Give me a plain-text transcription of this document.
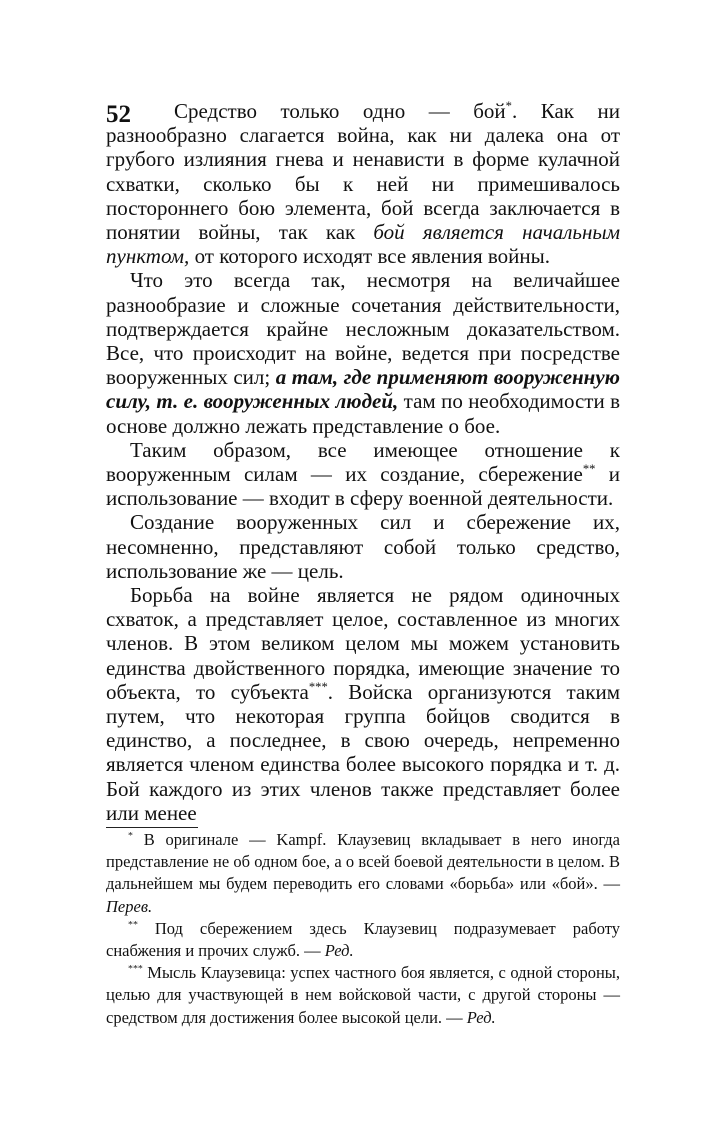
52	Средство только одно — бой*. Как ни разнообразно слагается война, как ни далека она от грубого излияния гнева и ненависти в форме кулачной схватки, сколько бы к ней ни примешивалось постороннего бою элемента, бой всегда заключается в понятии войны, так как бой является начальным пунктом, от которого исходят все явления войны.

Что это всегда так, несмотря на величайшее разнообразие и сложные сочетания действительности, подтверждается крайне несложным доказательством. Все, что происходит на войне, ведется при посредстве вооруженных сил; а там, где применяют вооруженную силу, т. е. вооруженных людей, там по необходимости в основе должно лежать представление о бое.

Таким образом, все имеющее отношение к вооруженным силам — их создание, сбережение** и использование — входит в сферу военной деятельности.

Создание вооруженных сил и сбережение их, несомненно, представляют собой только средство, использование же — цель.

Борьба на войне является не рядом одиночных схваток, а представляет целое, составленное из многих членов. В этом великом целом мы можем установить единства двойственного порядка, имеющие значение то объекта, то субъекта***. Войска организуются таким путем, что некоторая группа бойцов сводится в единство, а последнее, в свою очередь, непременно является членом единства более высокого порядка и т. д. Бой каждого из этих членов также представляет более или менее

* В оригинале — Kampf. Клаузевиц вкладывает в него иногда представление не об одном бое, а о всей боевой деятельности в целом. В дальнейшем мы будем переводить его словами «борьба» или «бой». — Перев.

** Под сбережением здесь Клаузевиц подразумевает работу снабжения и прочих служб. — Ред.

*** Мысль Клаузевица: успех частного боя является, с одной стороны, целью для участвующей в нем войсковой части, с другой стороны — средством для достижения более высокой цели. — Ред.
